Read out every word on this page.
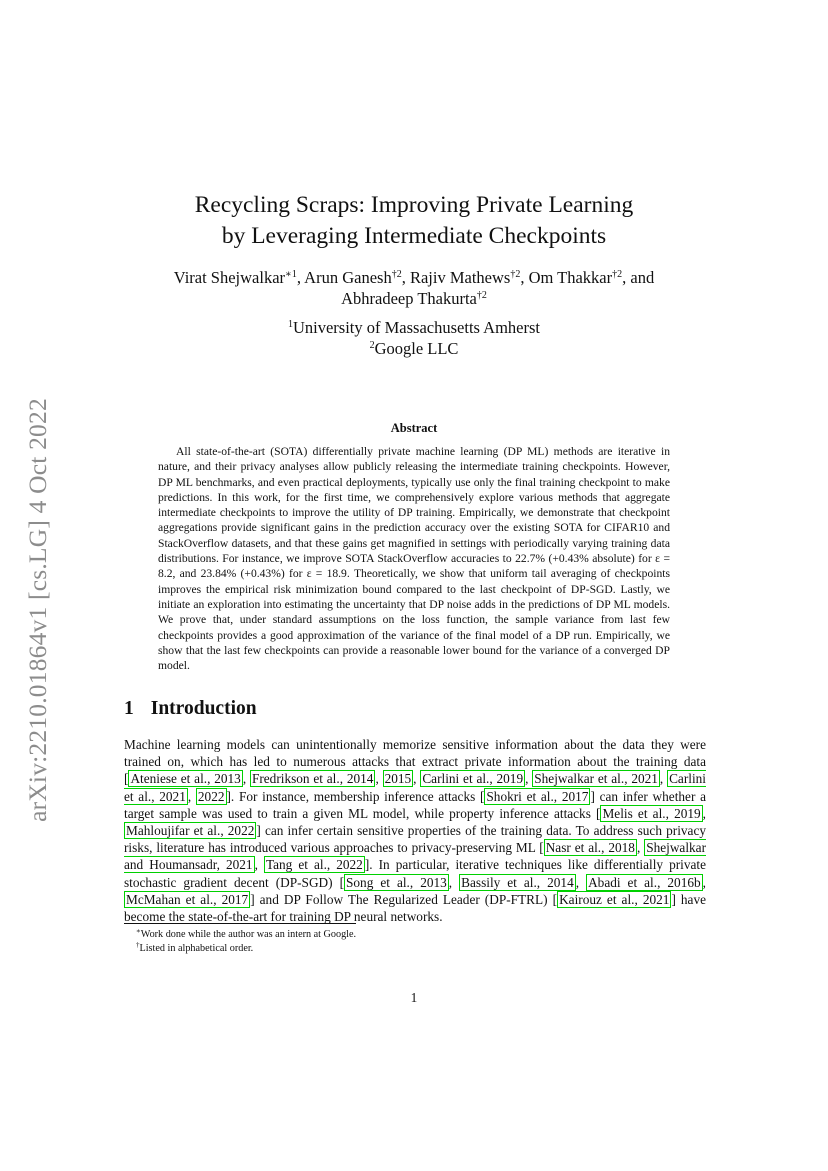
arXiv:2210.01864v1 [cs.LG] 4 Oct 2022
Recycling Scraps: Improving Private Learning
by Leveraging Intermediate Checkpoints
Virat Shejwalkar$^{∗1}$, Arun Ganesh$^{\dagger 2}$, Rajiv Mathews$^{\dagger 2}$, Om Thakkar$^{\dagger 2}$, and
Abhradeep Thakurta$^{\dagger 2}$
$^1$University of Massachusetts Amherst
$^2$Google LLC
Abstract

All state-of-the-art (SOTA) differentially private machine learning (DP ML) methods are iterative in nature, and their privacy analyses allow publicly releasing the intermediate training checkpoints. However, DP ML benchmarks, and even practical deployments, typically use only the final training checkpoint to make predictions. In this work, for the first time, we comprehensively explore various methods that aggregate intermediate checkpoints to improve the utility of DP training. Empirically, we demonstrate that checkpoint aggregations provide significant gains in the prediction accuracy over the existing SOTA for CIFAR10 and StackOverflow datasets, and that these gains get magnified in settings with periodically varying training data distributions. For instance, we improve SOTA StackOverflow accuracies to 22.7% (+0.43% absolute) for ε = 8.2, and 23.84% (+0.43%) for ε = 18.9. Theoretically, we show that uniform tail averaging of checkpoints improves the empirical risk minimization bound compared to the last checkpoint of DP-SGD. Lastly, we initiate an exploration into estimating the uncertainty that DP noise adds in the predictions of DP ML models. We prove that, under standard assumptions on the loss function, the sample variance from last few checkpoints provides a good approximation of the variance of the final model of a DP run. Empirically, we show that the last few checkpoints can provide a reasonable lower bound for the variance of a converged DP model.

1 Introduction

Machine learning models can unintentionally memorize sensitive information about the data they were trained on, which has led to numerous attacks that extract private information about the training data [ Ateniese et al., 2013 , Fredrikson et al., 2014 , 2015 , Carlini et al., 2019 , Shejwalkar et al., 2021 , Carlini et al., 2021 , 2022 ]. For instance, membership inference attacks [ Shokri et al., 2017 ] can infer whether a target sample was used to train a given ML model, while property inference attacks [ Melis et al., 2019 , Mahloujifar et al., 2022 ] can infer certain sensitive properties of the training data. To address such privacy risks, literature has introduced various approaches to privacy-preserving ML [ Nasr et al., 2018 , Shejwalkar and Houmansadr, 2021 , Tang et al., 2022 ]. In particular, iterative techniques like differentially private stochastic gradient decent (DP-SGD) [ Song et al., 2013 , Bassily et al., 2014 , Abadi et al., 2016b , McMahan et al., 2017 ] and DP Follow The Regularized Leader (DP-FTRL) [ Kairouz et al., 2021 ] have become the state-of-the-art for training DP neural networks.

∗Work done while the author was an intern at Google.
†Listed in alphabetical order.
1
